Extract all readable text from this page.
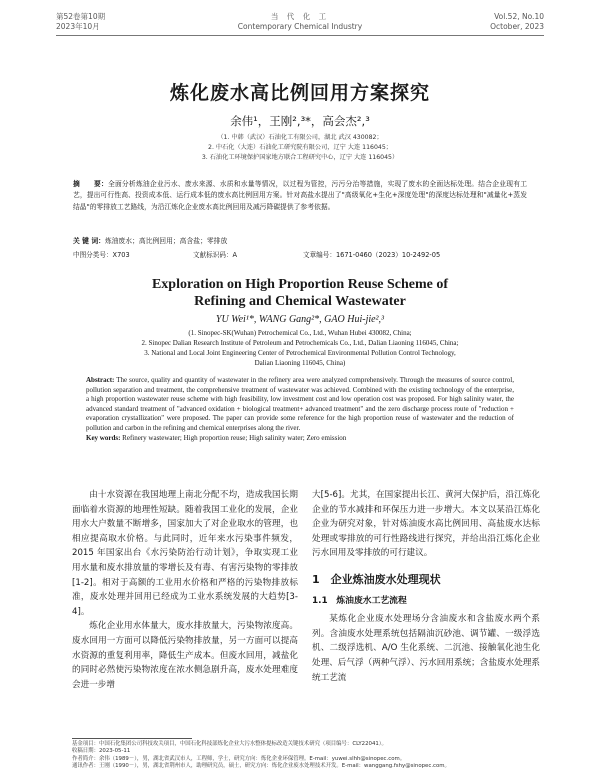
第52卷第10期
2023年10月
当 代 化 工
Contemporary Chemical Industry
Vol.52, No.10
October, 2023
炼化废水高比例回用方案探究
余伟¹，王刚²,³*，高会杰²,³
（1. 中韩（武汉）石油化工有限公司，湖北 武汉 430082；
2. 中石化（大连）石油化工研究院有限公司，辽宁 大连 116045；
3. 石油化工环境保护国家地方联合工程研究中心，辽宁 大连 116045）
摘　　要：全面分析炼油企业污水、废水来源、水质和水量等情况，以过程为管控，污污分治等措施，实现了废水的全面达标处理。结合企业现有工艺，提出可行性高、投资成本低、运行成本低的废水高比例回用方案。针对高盐水提出了"高级氧化+生化+深度处理"的深度达标处理和"减量化+蒸发结晶"的零排放工艺路线，为沿江炼化企业废水高比例回用及减污降碳提供了参考依据。
关 键 词：炼油废水；高比例回用；高含盐；零排放
中图分类号：X703	文献标识码：A	文章编号：1671-0460（2023）10-2492-05
Exploration on High Proportion Reuse Scheme of
Refining and Chemical Wastewater
YU Wei¹*, WANG Gang²*, GAO Hui-jie²,³
(1. Sinopec-SK(Wuhan) Petrochemical Co., Ltd., Wuhan Hubei 430082, China;
2. Sinopec Dalian Research Institute of Petroleum and Petrochemicals Co., Ltd., Dalian Liaoning 116045, China;
3. National and Local Joint Engineering Center of Petrochemical Environmental Pollution Control Technology,
Dalian Liaoning 116045, China)
Abstract: The source, quality and quantity of wastewater in the refinery area were analyzed comprehensively. Through the measures of source control, pollution separation and treatment, the comprehensive treatment of wastewater was achieved. Combined with the existing technology of the enterprise, a high proportion wastewater reuse scheme with high feasibility, low investment cost and low operation cost was proposed. For high salinity water, the advanced standard treatment of "advanced oxidation + biological treatment+ advanced treatment" and the zero discharge process route of "reduction + evaporation crystallization" were proposed. The paper can provide some reference for the high proportion reuse of wastewater and the reduction of pollution and carbon in the refining and chemical enterprises along the river.
Key words: Refinery wastewater; High proportion reuse; High salinity water; Zero emission

由十水资源在我国地理上南北分配不均，造成我国长期面临着水资源的地理性短缺。随着我国工业化的发展，企业用水大户数量不断增多，国家加大了对企业取水的管理，也相应提高取水价格。与此同时，近年来水污染事件频发，2015 年国家出台《水污染防治行动计划》，争取实现工业用水量和废水排放量的零增长及有毒、有害污染物的零排放[1-2]。相对于高额的工业用水价格和严格的污染物排放标准，废水处理并回用已经成为工业水系统发展的大趋势[3-4]。

炼化企业用水体量大，废水排放量大，污染物浓度高。废水回用一方面可以降低污染物排放量，另一方面可以提高水资源的重复利用率，降低生产成本。但废水回用，减盐化的同时必然使污染物浓度在浓水侧急剧升高，废水处理难度会进一步增

大[5-6]。尤其，在国家提出长江、黄河大保护后，沿江炼化企业的节水减排和环保压力进一步增大。本文以某沿江炼化企业为研究对象，针对炼油废水高比例回用、高盐废水达标处理或零排放的可行性路线进行探究，并给出沿江炼化企业污水回用及零排放的可行建议。

1　企业炼油废水处理现状
1.1　炼油废水工艺流程

某炼化企业废水处理场分含油废水和含盐废水两个系列。含油废水处理系统包括隔油沉砂池、调节罐、一级浮选机、二级浮选机、A/O 生化系统、二沉池、接触氧化池生化处理、后气浮（两种气浮）、污水回用系统；含盐废水处理系统工艺流

基金项目：中国石化集团公司科技攻关项目，中国石化科技部炼化企业大污水整体提标改造关键技术研究（项目编号：CLY22041）。
收稿日期：2023-05-11
作者简介：余伟（1989－），男，湖北省武汉市人，工程师，学士，研究方向：炼化企业环保管理。E-mail：yuwei.slhh@sinopec.com。
通讯作者：王刚（1990－），男，湖北省荆州市人，助理研究员，硕士，研究方向：炼化企业废水处理技术开发。E-mail：wanggang.fshy@sinopec.com。
